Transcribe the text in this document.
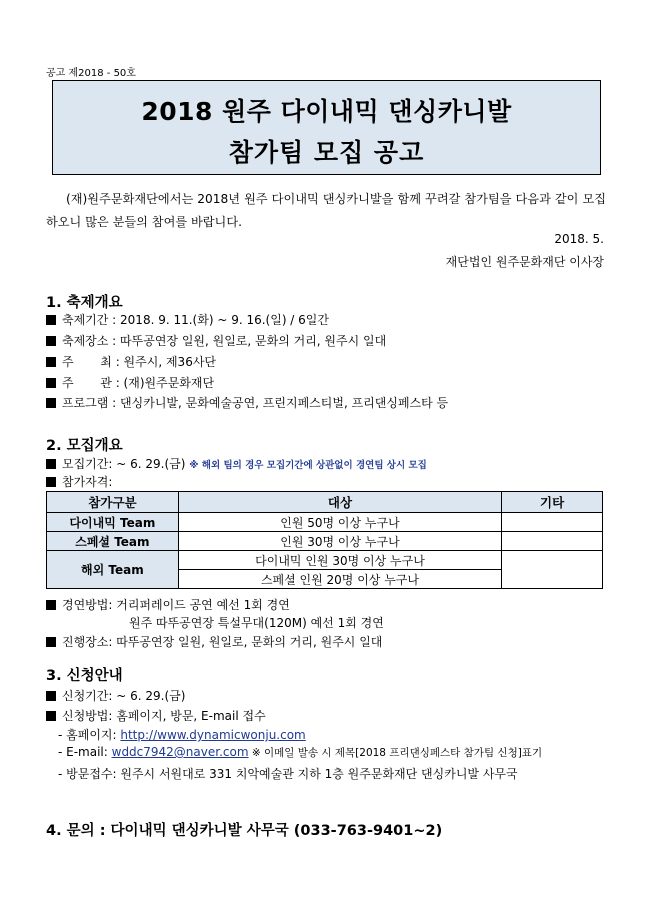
공고 제2018 - 50호
2018 원주 다이내믹 댄싱카니발
참가팀 모집 공고
(재)원주문화재단에서는 2018년 원주 다이내믹 댄싱카니발을 함께 꾸려갈 참가팀을 다음과 같이 모집하오니 많은 분들의 참여를 바랍니다.
2018. 5.
재단법인 원주문화재단 이사장
1. 축제개요
축제기간 : 2018. 9. 11.(화) ~ 9. 16.(일) / 6일간
축제장소 : 따뚜공연장 일원, 원일로, 문화의 거리, 원주시 일대
주       최 : 원주시, 제36사단
주       관 : (재)원주문화재단
프로그램 : 댄싱카니발, 문화예술공연, 프린지페스티벌, 프리댄싱페스타 등
2. 모집개요
모집기간: ~ 6. 29.(금) ※ 해외 팀의 경우 모집기간에 상관없이 경연팀 상시 모집
참가자격:
참가구분	대상	기타
다이내믹 Team	인원 50명 이상 누구나	
스페셜 Team	인원 30명 이상 누구나	
해외 Team	다이내믹 인원 30명 이상 누구나	
	스페셜 인원 20명 이상 누구나	
경연방법: 거리퍼레이드 공연 예선 1회 경연
원주 따뚜공연장 특설무대(120M) 예선 1회 경연
진행장소: 따뚜공연장 일원, 원일로, 문화의 거리, 원주시 일대
3. 신청안내
신청기간: ~ 6. 29.(금)
신청방법: 홈페이지, 방문, E-mail 접수
- 홈페이지: http://www.dynamicwonju.com
- E-mail: wddc7942@naver.com ※ 이메일 발송 시 제목[2018 프리댄싱페스타 참가팀 신청]표기
- 방문접수: 원주시 서원대로 331 치악예술관 지하 1층 원주문화재단 댄싱카니발 사무국
4. 문의 : 다이내믹 댄싱카니발 사무국 (033-763-9401~2)
